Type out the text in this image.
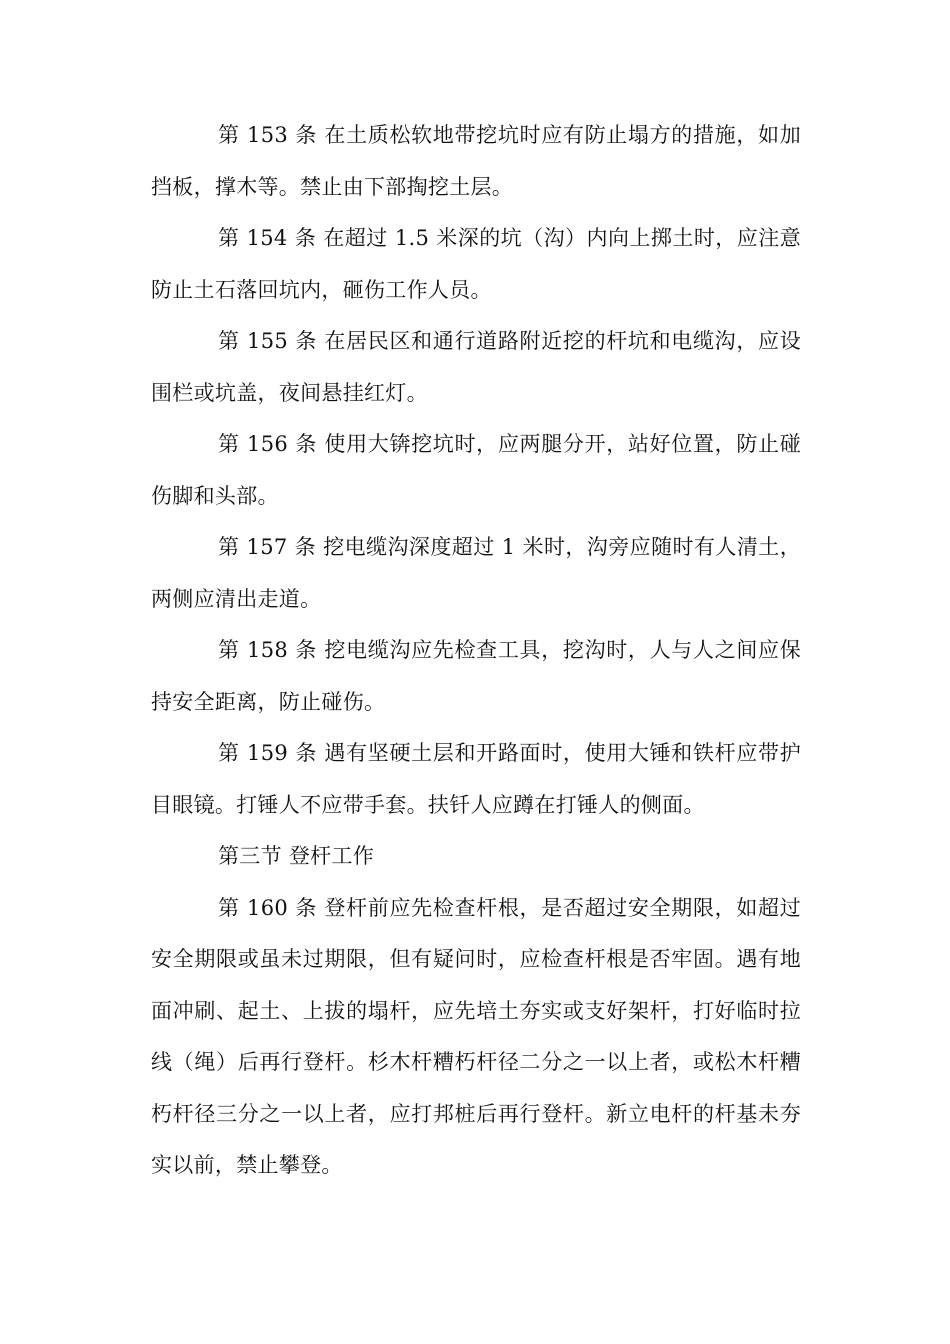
第 153 条 在土质松软地带挖坑时应有防止塌方的措施，如加挡板，撑木等。禁止由下部掏挖土层。

第 154 条 在超过 1.5 米深的坑（沟）内向上掷土时，应注意防止土石落回坑内，砸伤工作人员。

第 155 条 在居民区和通行道路附近挖的杆坑和电缆沟，应设围栏或坑盖，夜间悬挂红灯。

第 156 条 使用大锛挖坑时，应两腿分开，站好位置，防止碰伤脚和头部。

第 157 条 挖电缆沟深度超过 1 米时，沟旁应随时有人清土，两侧应清出走道。

第 158 条 挖电缆沟应先检查工具，挖沟时，人与人之间应保持安全距离，防止碰伤。

第 159 条 遇有坚硬土层和开路面时，使用大锤和铁杆应带护目眼镜。打锤人不应带手套。扶钎人应蹲在打锤人的侧面。

第三节 登杆工作

第 160 条 登杆前应先检查杆根，是否超过安全期限，如超过安全期限或虽未过期限，但有疑问时，应检查杆根是否牢固。遇有地面冲刷、起土、上拔的塌杆，应先培土夯实或支好架杆，打好临时拉线（绳）后再行登杆。杉木杆糟朽杆径二分之一以上者，或松木杆糟朽杆径三分之一以上者，应打邦桩后再行登杆。新立电杆的杆基未夯实以前，禁止攀登。
